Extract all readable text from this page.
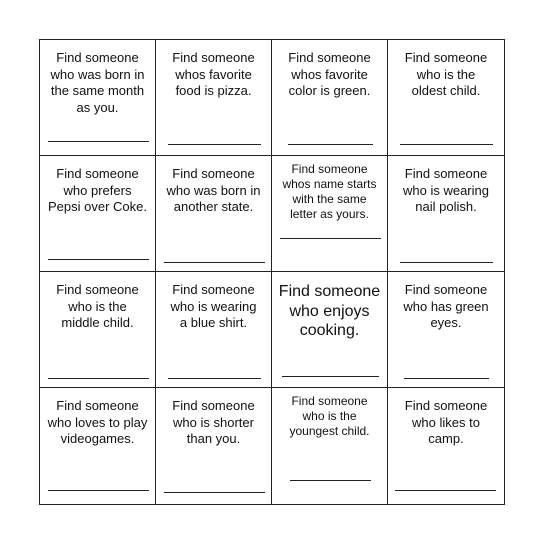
Find someone
who was born in
the same month
as you.
Find someone
whos favorite
food is pizza.
Find someone
whos favorite
color is green.
Find someone
who is the
oldest child.
Find someone
who prefers
Pepsi over Coke.
Find someone
who was born in
another state.
Find someone
whos name starts
with the same
letter as yours.
Find someone
who is wearing
nail polish.
Find someone
who is the
middle child.
Find someone
who is wearing
a blue shirt.
Find someone
who enjoys
cooking.
Find someone
who has green
eyes.
Find someone
who loves to play
videogames.
Find someone
who is shorter
than you.
Find someone
who is the
youngest child.
Find someone
who likes to
camp.
